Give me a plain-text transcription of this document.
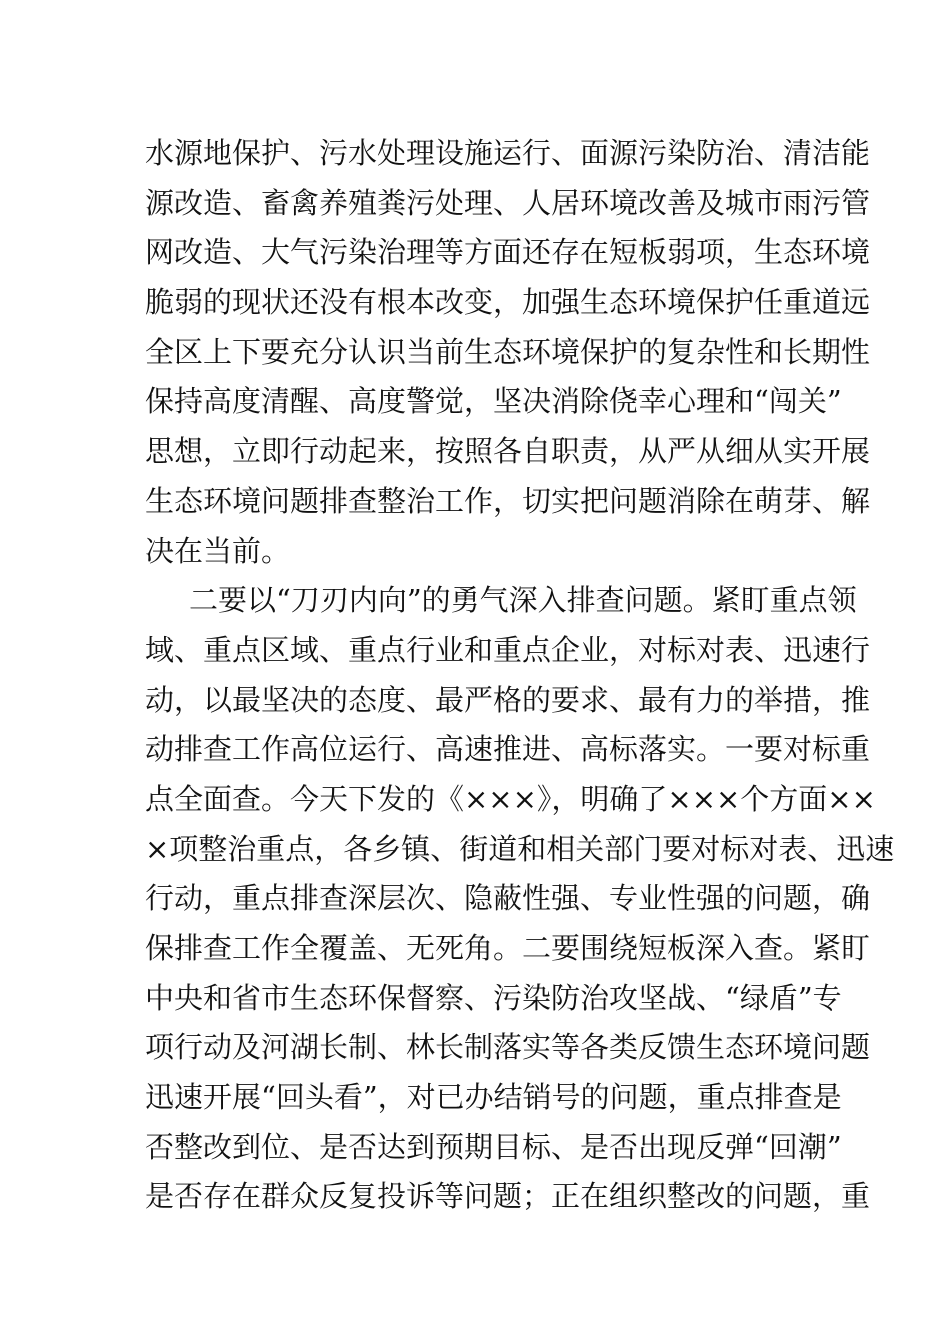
水源地保护、污水处理设施运行、面源污染防治、清洁能
源改造、畜禽养殖粪污处理、人居环境改善及城市雨污管
网改造、大气污染治理等方面还存在短板弱项，生态环境
脆弱的现状还没有根本改变，加强生态环境保护任重道远
全区上下要充分认识当前生态环境保护的复杂性和长期性
保持高度清醒、高度警觉，坚决消除侥幸心理和“闯关”
思想，立即行动起来，按照各自职责，从严从细从实开展
生态环境问题排查整治工作，切实把问题消除在萌芽、解
决在当前。
二要以“刀刃内向”的勇气深入排查问题。紧盯重点领
域、重点区域、重点行业和重点企业，对标对表、迅速行
动，以最坚决的态度、最严格的要求、最有力的举措，推
动排查工作高位运行、高速推进、高标落实。一要对标重
点全面查。今天下发的《×××》，明确了×××个方面××
×项整治重点，各乡镇、街道和相关部门要对标对表、迅速
行动，重点排查深层次、隐蔽性强、专业性强的问题，确
保排查工作全覆盖、无死角。二要围绕短板深入查。紧盯
中央和省市生态环保督察、污染防治攻坚战、“绿盾”专
项行动及河湖长制、林长制落实等各类反馈生态环境问题
迅速开展“回头看”，对已办结销号的问题，重点排查是
否整改到位、是否达到预期目标、是否出现反弹“回潮”
是否存在群众反复投诉等问题；正在组织整改的问题，重
